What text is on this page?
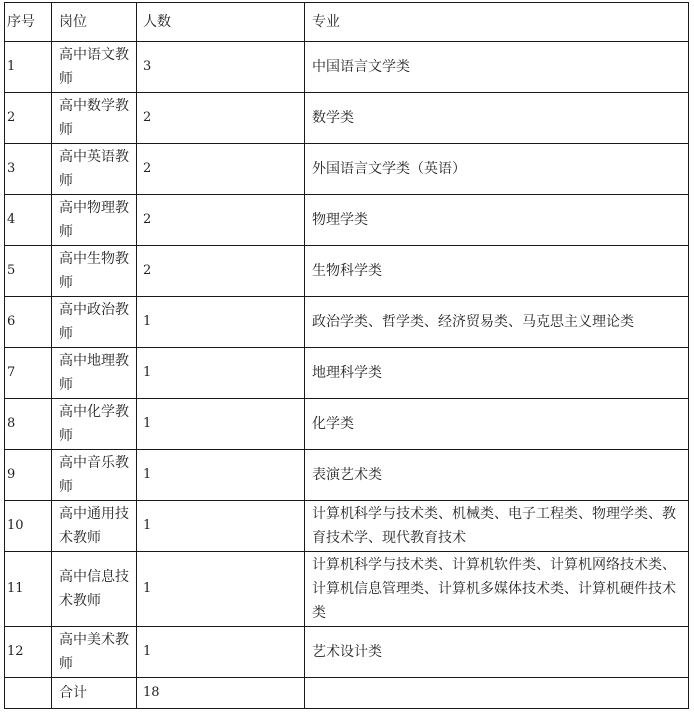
序号	岗位	人数	专业
1	高中语文教师	3	中国语言文学类
2	高中数学教师	2	数学类
3	高中英语教师	2	外国语言文学类（英语）
4	高中物理教师	2	物理学类
5	高中生物教师	2	生物科学类
6	高中政治教师	1	政治学类、哲学类、经济贸易类、马克思主义理论类
7	高中地理教师	1	地理科学类
8	高中化学教师	1	化学类
9	高中音乐教师	1	表演艺术类
10	高中通用技术教师	1	计算机科学与技术类、机械类、电子工程类、物理学类、教育技术学、现代教育技术
11	高中信息技术教师	1	计算机科学与技术类、计算机软件类、计算机网络技术类、计算机信息管理类、计算机多媒体技术类、计算机硬件技术类
12	高中美术教师	1	艺术设计类
	合计	18	
